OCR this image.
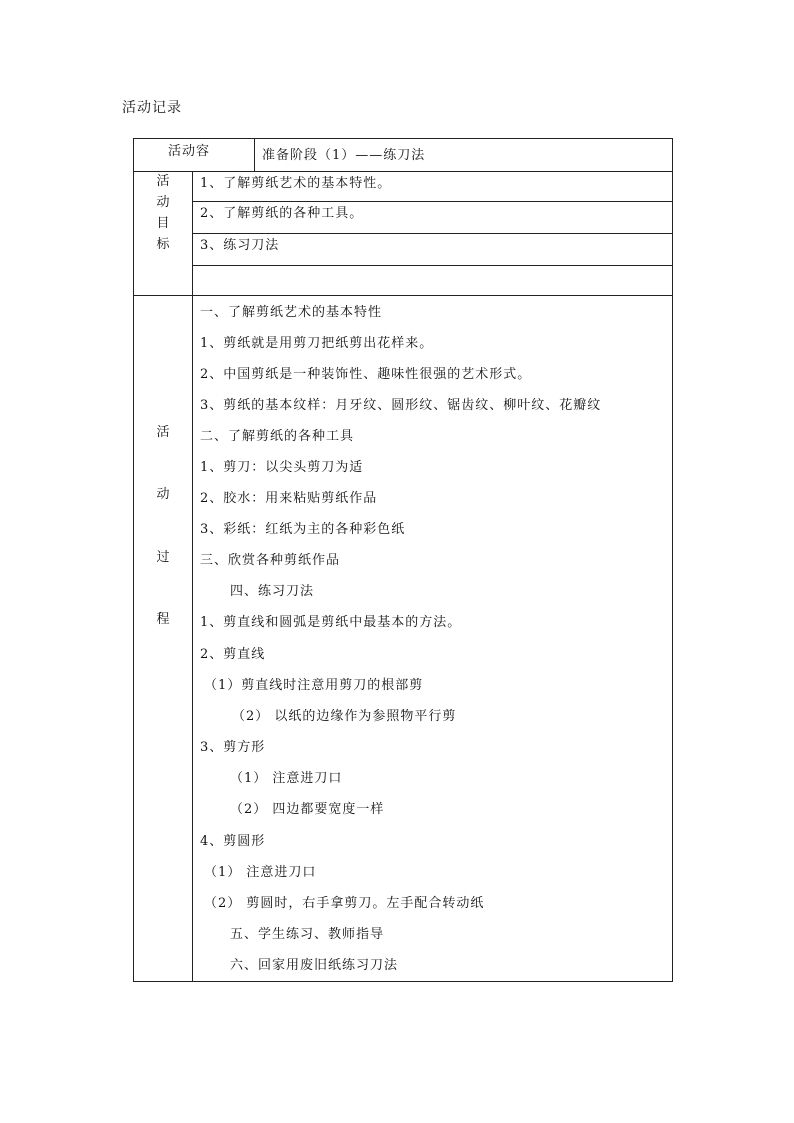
活动记录
活动容	准备阶段（1）——练刀法
活
动
目
标
1、了解剪纸艺术的基本特性。
2、了解剪纸的各种工具。
3、练习刀法
活
动
过
程
一、了解剪纸艺术的基本特性
1、剪纸就是用剪刀把纸剪出花样来。
2、中国剪纸是一种装饰性、趣味性很强的艺术形式。
3、剪纸的基本纹样：月牙纹、圆形纹、锯齿纹、柳叶纹、花瓣纹
二、了解剪纸的各种工具
1、剪刀：以尖头剪刀为适
2、胶水：用来粘贴剪纸作品
3、彩纸：红纸为主的各种彩色纸
三、欣赏各种剪纸作品
四、练习刀法
1、剪直线和圆弧是剪纸中最基本的方法。
2、剪直线
（1）剪直线时注意用剪刀的根部剪
（2） 以纸的边缘作为参照物平行剪
3、剪方形
（1） 注意进刀口
（2） 四边都要宽度一样
4、剪圆形
（1） 注意进刀口
（2） 剪圆时，右手拿剪刀。左手配合转动纸
五、学生练习、教师指导
六、回家用废旧纸练习刀法
